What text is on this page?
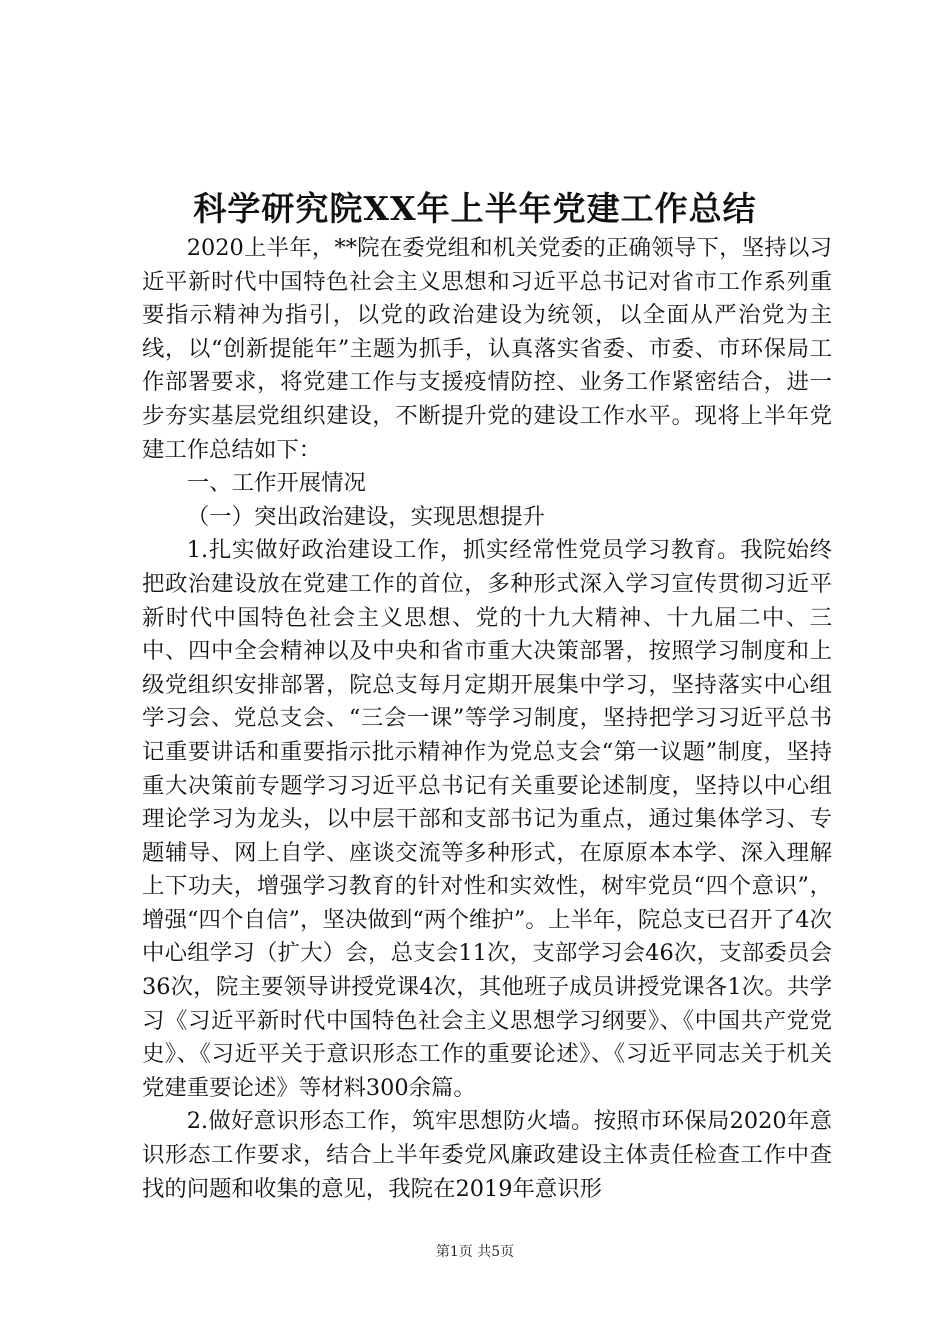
科学研究院XX年上半年党建工作总结

2020上半年，**院在委党组和机关党委的正确领导下，坚持以习近平新时代中国特色社会主义思想和习近平总书记对省市工作系列重要指示精神为指引，以党的政治建设为统领，以全面从严治党为主线，以“创新提能年”主题为抓手，认真落实省委、市委、市环保局工作部署要求，将党建工作与支援疫情防控、业务工作紧密结合，进一步夯实基层党组织建设，不断提升党的建设工作水平。现将上半年党建工作总结如下：

一、工作开展情况

（一）突出政治建设，实现思想提升

1.扎实做好政治建设工作，抓实经常性党员学习教育。我院始终把政治建设放在党建工作的首位，多种形式深入学习宣传贯彻习近平新时代中国特色社会主义思想、党的十九大精神、十九届二中、三中、四中全会精神以及中央和省市重大决策部署，按照学习制度和上级党组织安排部署，院总支每月定期开展集中学习，坚持落实中心组学习会、党总支会、“三会一课”等学习制度，坚持把学习习近平总书记重要讲话和重要指示批示精神作为党总支会“第一议题”制度，坚持重大决策前专题学习习近平总书记有关重要论述制度，坚持以中心组理论学习为龙头，以中层干部和支部书记为重点，通过集体学习、专题辅导、网上自学、座谈交流等多种形式，在原原本本学、深入理解上下功夫，增强学习教育的针对性和实效性，树牢党员“四个意识”，增强“四个自信”，坚决做到“两个维护”。上半年，院总支已召开了4次中心组学习（扩大）会，总支会11次，支部学习会46次，支部委员会36次，院主要领导讲授党课4次，其他班子成员讲授党课各1次。共学习《习近平新时代中国特色社会主义思想学习纲要》、《中国共产党党史》、《习近平关于意识形态工作的重要论述》、《习近平同志关于机关党建重要论述》等材料300余篇。

2.做好意识形态工作，筑牢思想防火墙。按照市环保局2020年意识形态工作要求，结合上半年委党风廉政建设主体责任检查工作中查找的问题和收集的意见，我院在2019年意识形

第1页 共5页
